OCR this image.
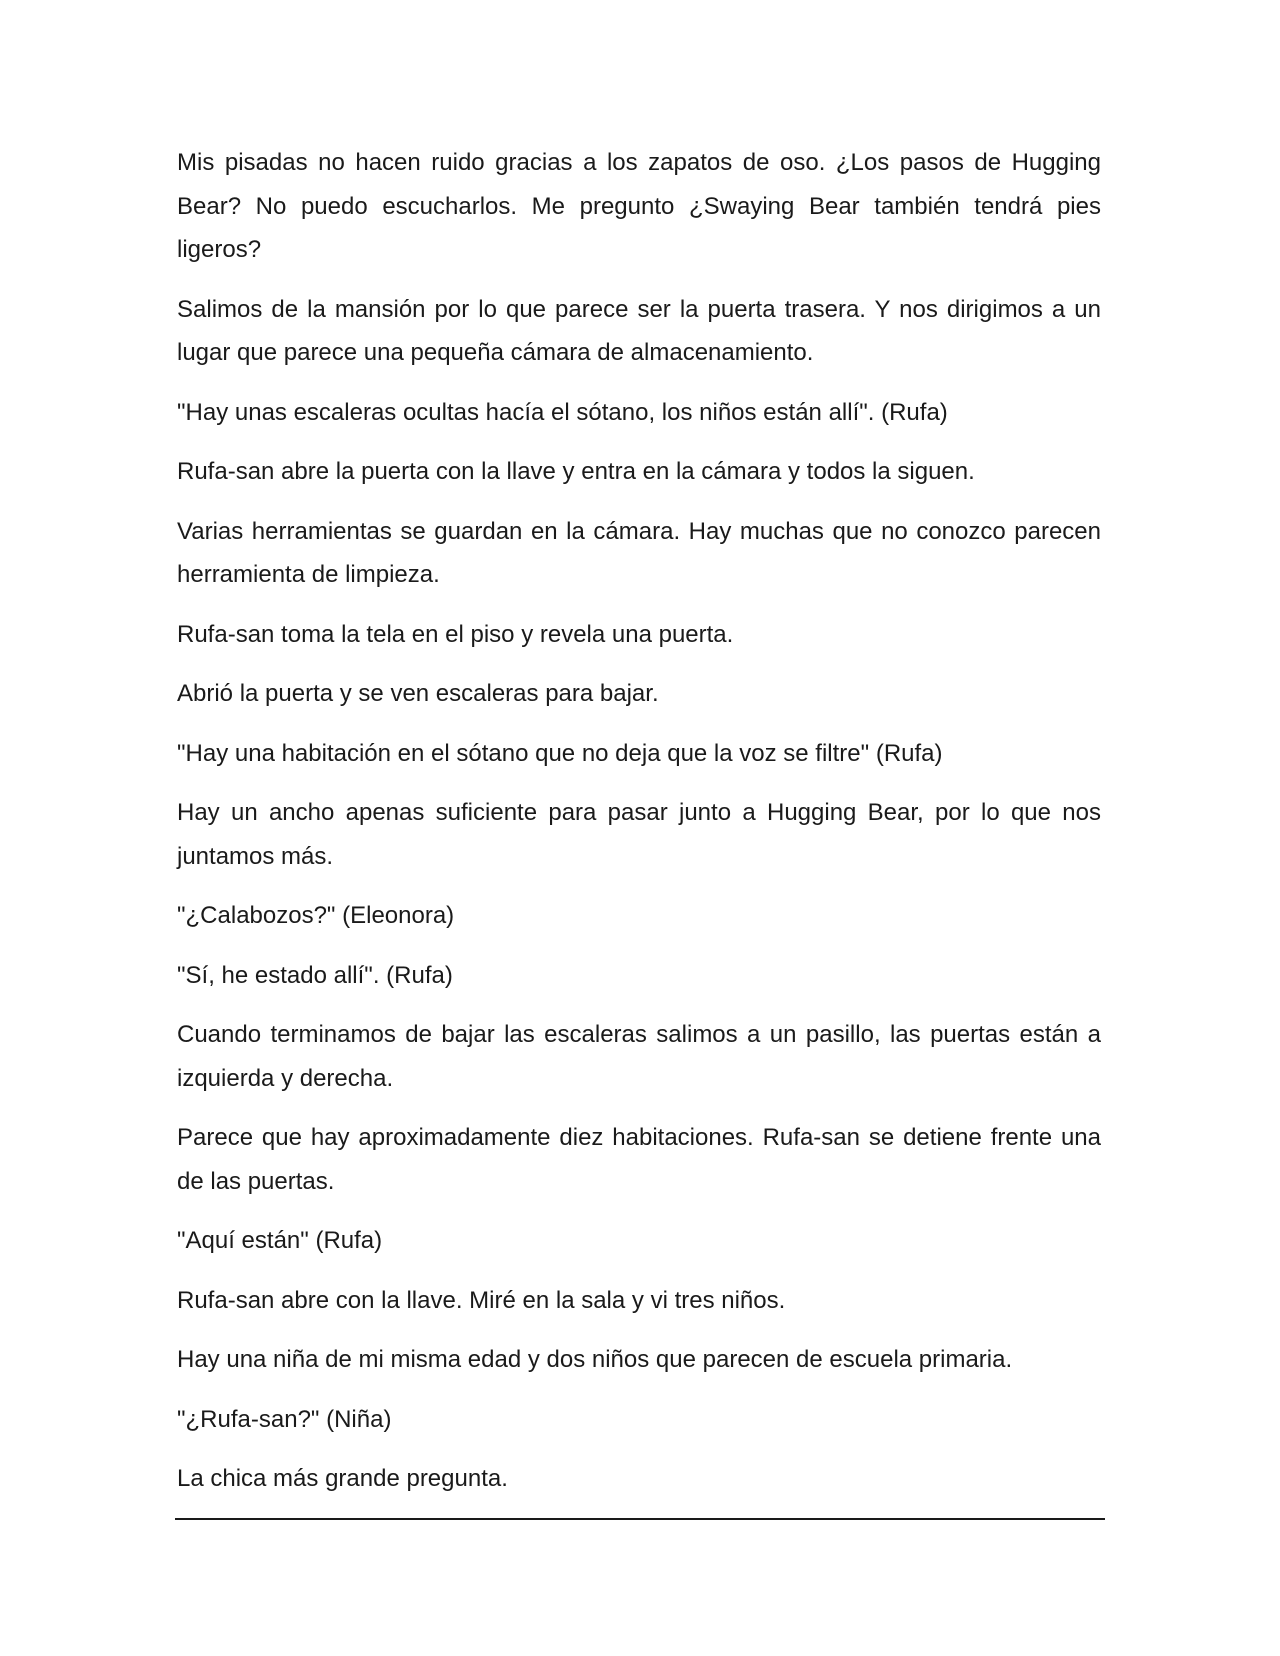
Mis pisadas no hacen ruido gracias a los zapatos de oso. ¿Los pasos de Hugging Bear? No puedo escucharlos. Me pregunto ¿Swaying Bear también tendrá pies ligeros?

Salimos de la mansión por lo que parece ser la puerta trasera. Y nos dirigimos a un lugar que parece una pequeña cámara de almacenamiento.

"Hay unas escaleras ocultas hacía el sótano, los niños están allí". (Rufa)

Rufa-san abre la puerta con la llave y entra en la cámara y todos la siguen.

Varias herramientas se guardan en la cámara. Hay muchas que no conozco parecen herramienta de limpieza.

Rufa-san toma la tela en el piso y revela una puerta.

Abrió la puerta y se ven escaleras para bajar.

"Hay una habitación en el sótano que no deja que la voz se filtre" (Rufa)

Hay un ancho apenas suficiente para pasar junto a Hugging Bear, por lo que nos juntamos más.

"¿Calabozos?" (Eleonora)

"Sí, he estado allí". (Rufa)

Cuando terminamos de bajar las escaleras salimos a un pasillo, las puertas están a izquierda y derecha.

Parece que hay aproximadamente diez habitaciones. Rufa-san se detiene frente una de las puertas.

"Aquí están" (Rufa)

Rufa-san abre con la llave. Miré en la sala y vi tres niños.

Hay una niña de mi misma edad y dos niños que parecen de escuela primaria.

"¿Rufa-san?" (Niña)

La chica más grande pregunta.
